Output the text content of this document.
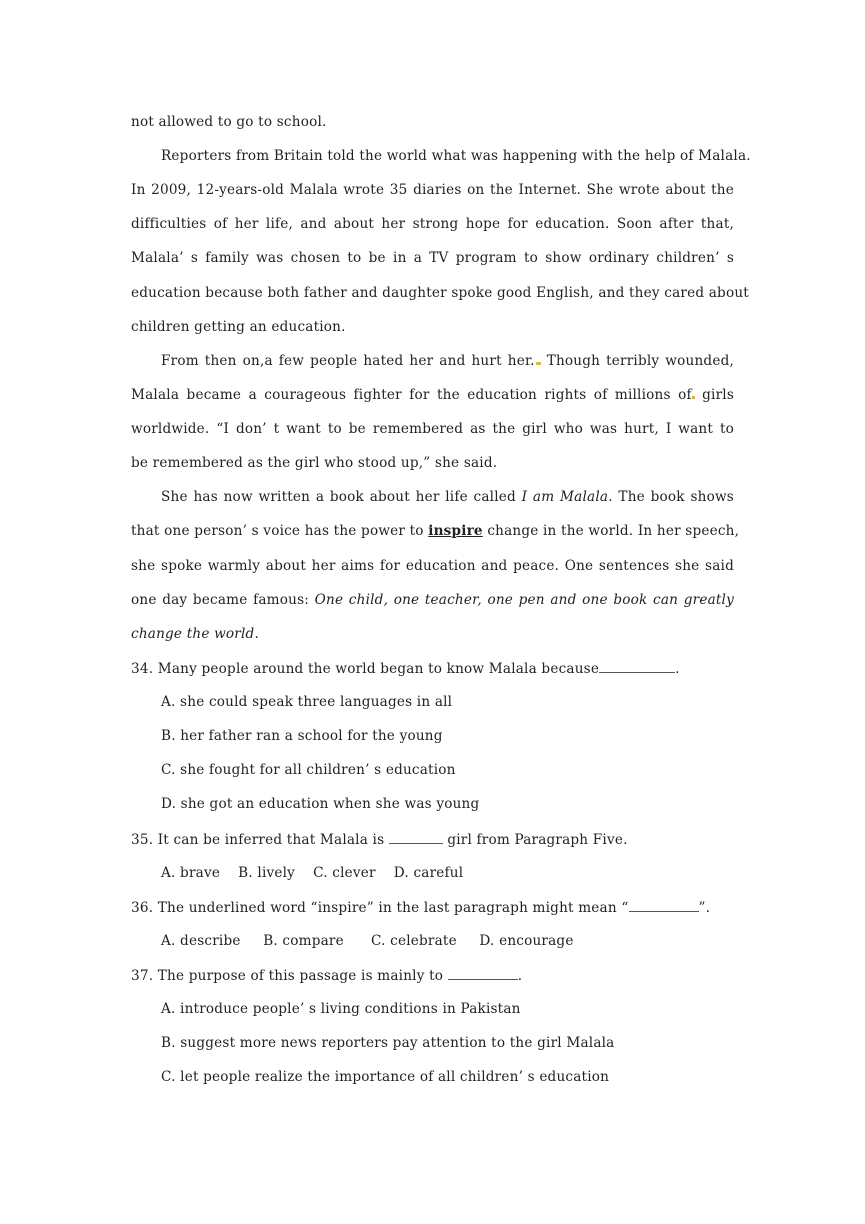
not allowed to go to school.
Reporters from Britain told the world what was happening with the help of Malala.
In 2009, 12-years-old Malala wrote 35 diaries on the Internet. She wrote about the
difficulties of her life, and about her strong hope for education. Soon after that,
Malala’ s family was chosen to be in a TV program to show ordinary children’ s
education because both father and daughter spoke good English, and they cared about
children getting an education.
From then on,a few people hated her and hurt her. Though terribly wounded,
Malala became a courageous fighter for the education rights of millions of girls
worldwide. “I don’ t want to be remembered as the girl who was hurt, I want to
be remembered as the girl who stood up,” she said.
She has now written a book about her life called I am Malala. The book shows
that one person’ s voice has the power to inspire change in the world. In her speech,
she spoke warmly about her aims for education and peace. One sentences she said
one day became famous: One child, one teacher, one pen and one book can greatly
change the world.
34. Many people around the world began to know Malala because	.
A. she could speak three languages in all
B. her father ran a school for the young
C. she fought for all children’ s education
D. she got an education when she was young
35. It can be inferred that Malala is	girl from Paragraph Five.
A. brave    B. lively    C. clever    D. careful
36. The underlined word “inspire” in the last paragraph might mean “	”.
A. describe     B. compare      C. celebrate     D. encourage
37. The purpose of this passage is mainly to	.
A. introduce people’ s living conditions in Pakistan
B. suggest more news reporters pay attention to the girl Malala
C. let people realize the importance of all children’ s education
